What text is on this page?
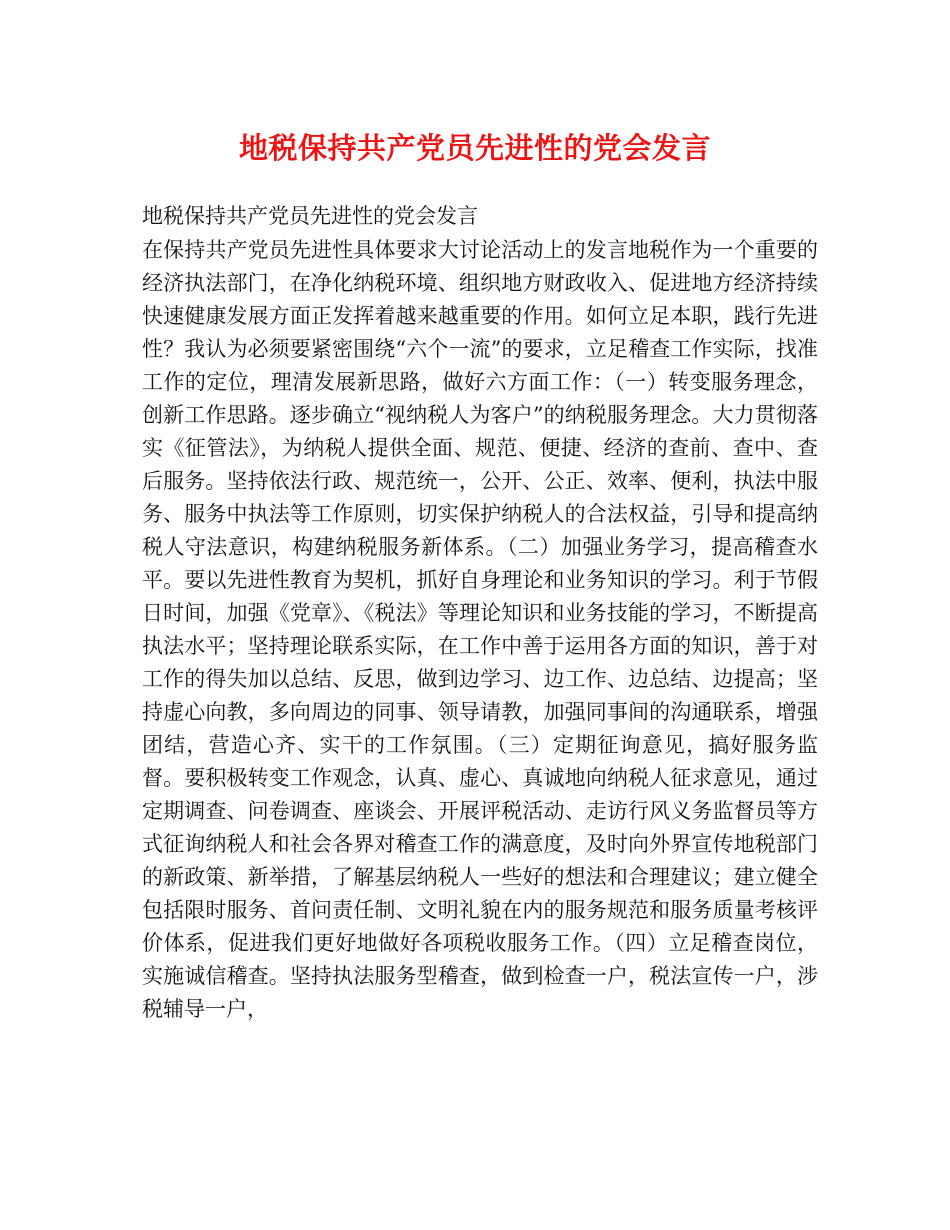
地税保持共产党员先进性的党会发言
地税保持共产党员先进性的党会发言
在保持共产党员先进性具体要求大讨论活动上的发言地税作为一个重要的经济执法部门，在净化纳税环境、组织地方财政收入、促进地方经济持续快速健康发展方面正发挥着越来越重要的作用。如何立足本职，践行先进性？我认为必须要紧密围绕“六个一流”的要求，立足稽查工作实际，找准工作的定位，理清发展新思路，做好六方面工作：（一）转变服务理念，创新工作思路。逐步确立“视纳税人为客户”的纳税服务理念。大力贯彻落实《征管法》，为纳税人提供全面、规范、便捷、经济的查前、查中、查后服务。坚持依法行政、规范统一，公开、公正、效率、便利，执法中服务、服务中执法等工作原则，切实保护纳税人的合法权益，引导和提高纳税人守法意识，构建纳税服务新体系。（二）加强业务学习，提高稽查水平。要以先进性教育为契机，抓好自身理论和业务知识的学习。利于节假日时间，加强《党章》、《税法》等理论知识和业务技能的学习，不断提高执法水平；坚持理论联系实际，在工作中善于运用各方面的知识，善于对工作的得失加以总结、反思，做到边学习、边工作、边总结、边提高；坚持虚心向教，多向周边的同事、领导请教，加强同事间的沟通联系，增强团结，营造心齐、实干的工作氛围。（三）定期征询意见，搞好服务监督。要积极转变工作观念，认真、虚心、真诚地向纳税人征求意见，通过定期调查、问卷调查、座谈会、开展评税活动、走访行风义务监督员等方式征询纳税人和社会各界对稽查工作的满意度，及时向外界宣传地税部门的新政策、新举措，了解基层纳税人一些好的想法和合理建议；建立健全包括限时服务、首问责任制、文明礼貌在内的服务规范和服务质量考核评价体系，促进我们更好地做好各项税收服务工作。（四）立足稽查岗位，实施诚信稽查。坚持执法服务型稽查，做到检查一户，税法宣传一户，涉税辅导一户，
